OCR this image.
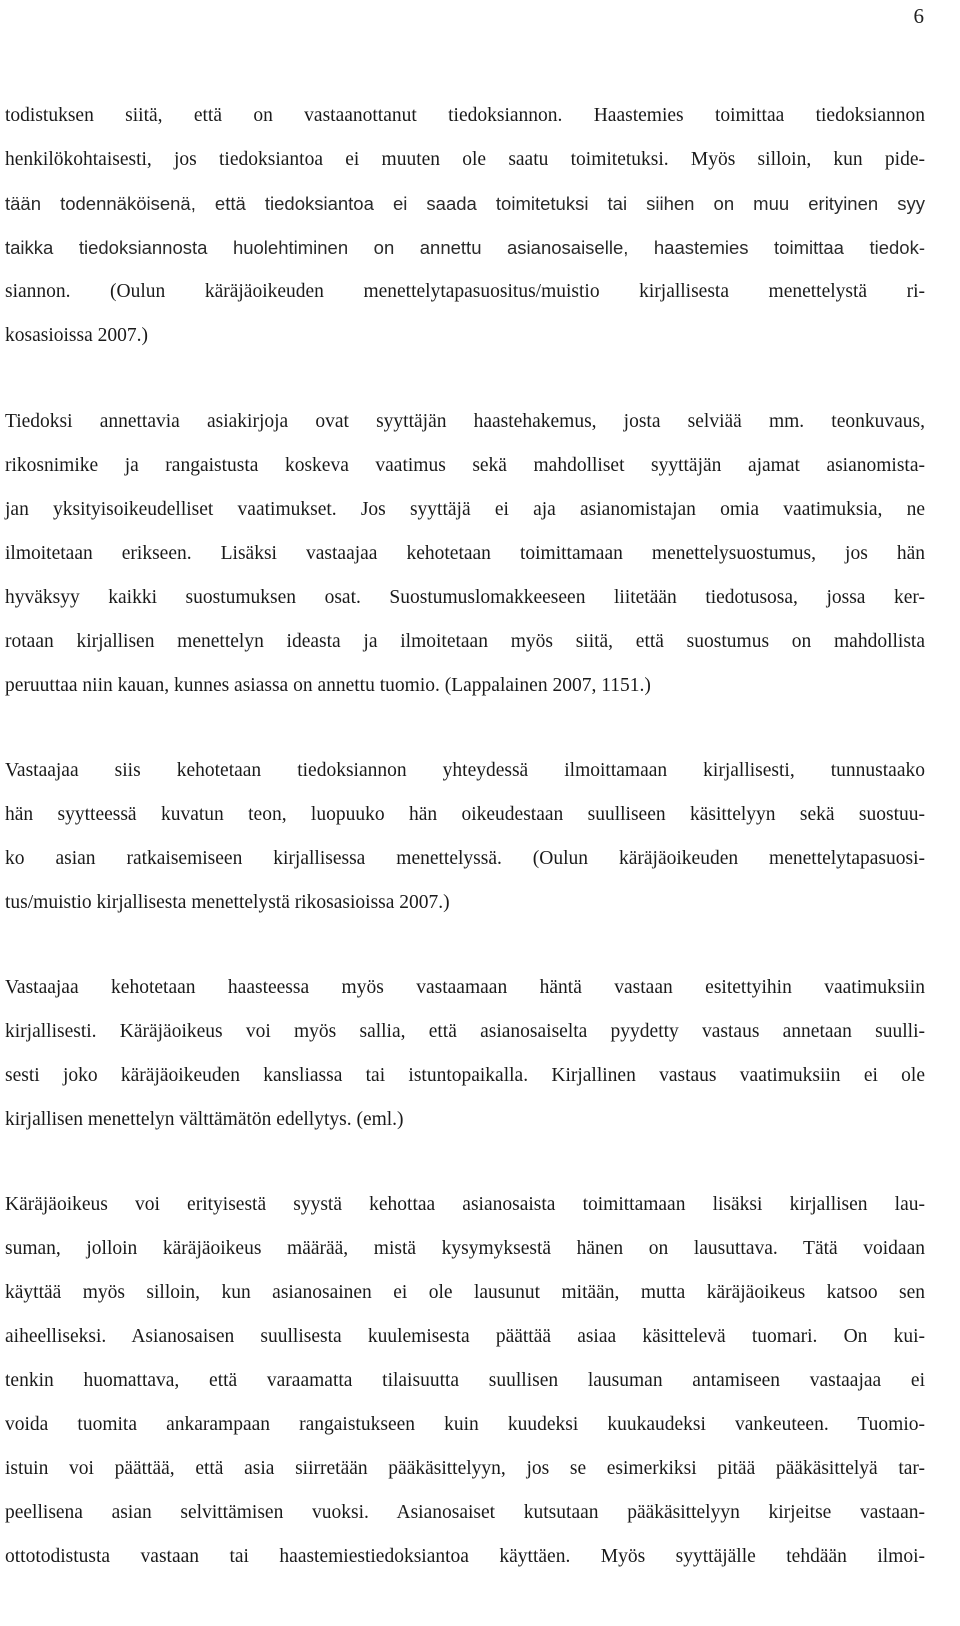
6
todistuksen siitä, että on vastaanottanut tiedoksiannon. Haastemies toimittaa tiedoksiannon
henkilökohtaisesti, jos tiedoksiantoa ei muuten ole saatu toimitetuksi. Myös silloin, kun pide-
tään todennäköisenä, että tiedoksiantoa ei saada toimitetuksi tai siihen on muu erityinen syy
taikka tiedoksiannosta huolehtiminen on annettu asianosaiselle, haastemies toimittaa tiedok-
siannon. (Oulun käräjäoikeuden menettelytapasuositus/muistio kirjallisesta menettelystä ri-
kosasioissa 2007.)
Tiedoksi annettavia asiakirjoja ovat syyttäjän haastehakemus, josta selviää mm. teonkuvaus,
rikosnimike ja rangaistusta koskeva vaatimus sekä mahdolliset syyttäjän ajamat asianomista-
jan yksityisoikeudelliset vaatimukset. Jos syyttäjä ei aja asianomistajan omia vaatimuksia, ne
ilmoitetaan erikseen. Lisäksi vastaajaa kehotetaan toimittamaan menettelysuostumus, jos hän
hyväksyy kaikki suostumuksen osat. Suostumuslomakkeeseen liitetään tiedotusosa, jossa ker-
rotaan kirjallisen menettelyn ideasta ja ilmoitetaan myös siitä, että suostumus on mahdollista
peruuttaa niin kauan, kunnes asiassa on annettu tuomio. (Lappalainen 2007, 1151.)
Vastaajaa siis kehotetaan tiedoksiannon yhteydessä ilmoittamaan kirjallisesti, tunnustaako
hän syytteessä kuvatun teon, luopuuko hän oikeudestaan suulliseen käsittelyyn sekä suostuu-
ko asian ratkaisemiseen kirjallisessa menettelyssä. (Oulun käräjäoikeuden menettelytapasuosi-
tus/muistio kirjallisesta menettelystä rikosasioissa 2007.)
Vastaajaa kehotetaan haasteessa myös vastaamaan häntä vastaan esitettyihin vaatimuksiin
kirjallisesti. Käräjäoikeus voi myös sallia, että asianosaiselta pyydetty vastaus annetaan suulli-
sesti joko käräjäoikeuden kansliassa tai istuntopaikalla. Kirjallinen vastaus vaatimuksiin ei ole
kirjallisen menettelyn välttämätön edellytys. (eml.)
Käräjäoikeus voi erityisestä syystä kehottaa asianosaista toimittamaan lisäksi kirjallisen lau-
suman, jolloin käräjäoikeus määrää, mistä kysymyksestä hänen on lausuttava. Tätä voidaan
käyttää myös silloin, kun asianosainen ei ole lausunut mitään, mutta käräjäoikeus katsoo sen
aiheelliseksi. Asianosaisen suullisesta kuulemisesta päättää asiaa käsittelevä tuomari. On kui-
tenkin huomattava, että varaamatta tilaisuutta suullisen lausuman antamiseen vastaajaa ei
voida tuomita ankarampaan rangaistukseen kuin kuudeksi kuukaudeksi vankeuteen. Tuomio-
istuin voi päättää, että asia siirretään pääkäsittelyyn, jos se esimerkiksi pitää pääkäsittelyä tar-
peellisena asian selvittämisen vuoksi. Asianosaiset kutsutaan pääkäsittelyyn kirjeitse vastaan-
ottotodistusta vastaan tai haastemiestiedoksiantoa käyttäen. Myös syyttäjälle tehdään ilmoi-
